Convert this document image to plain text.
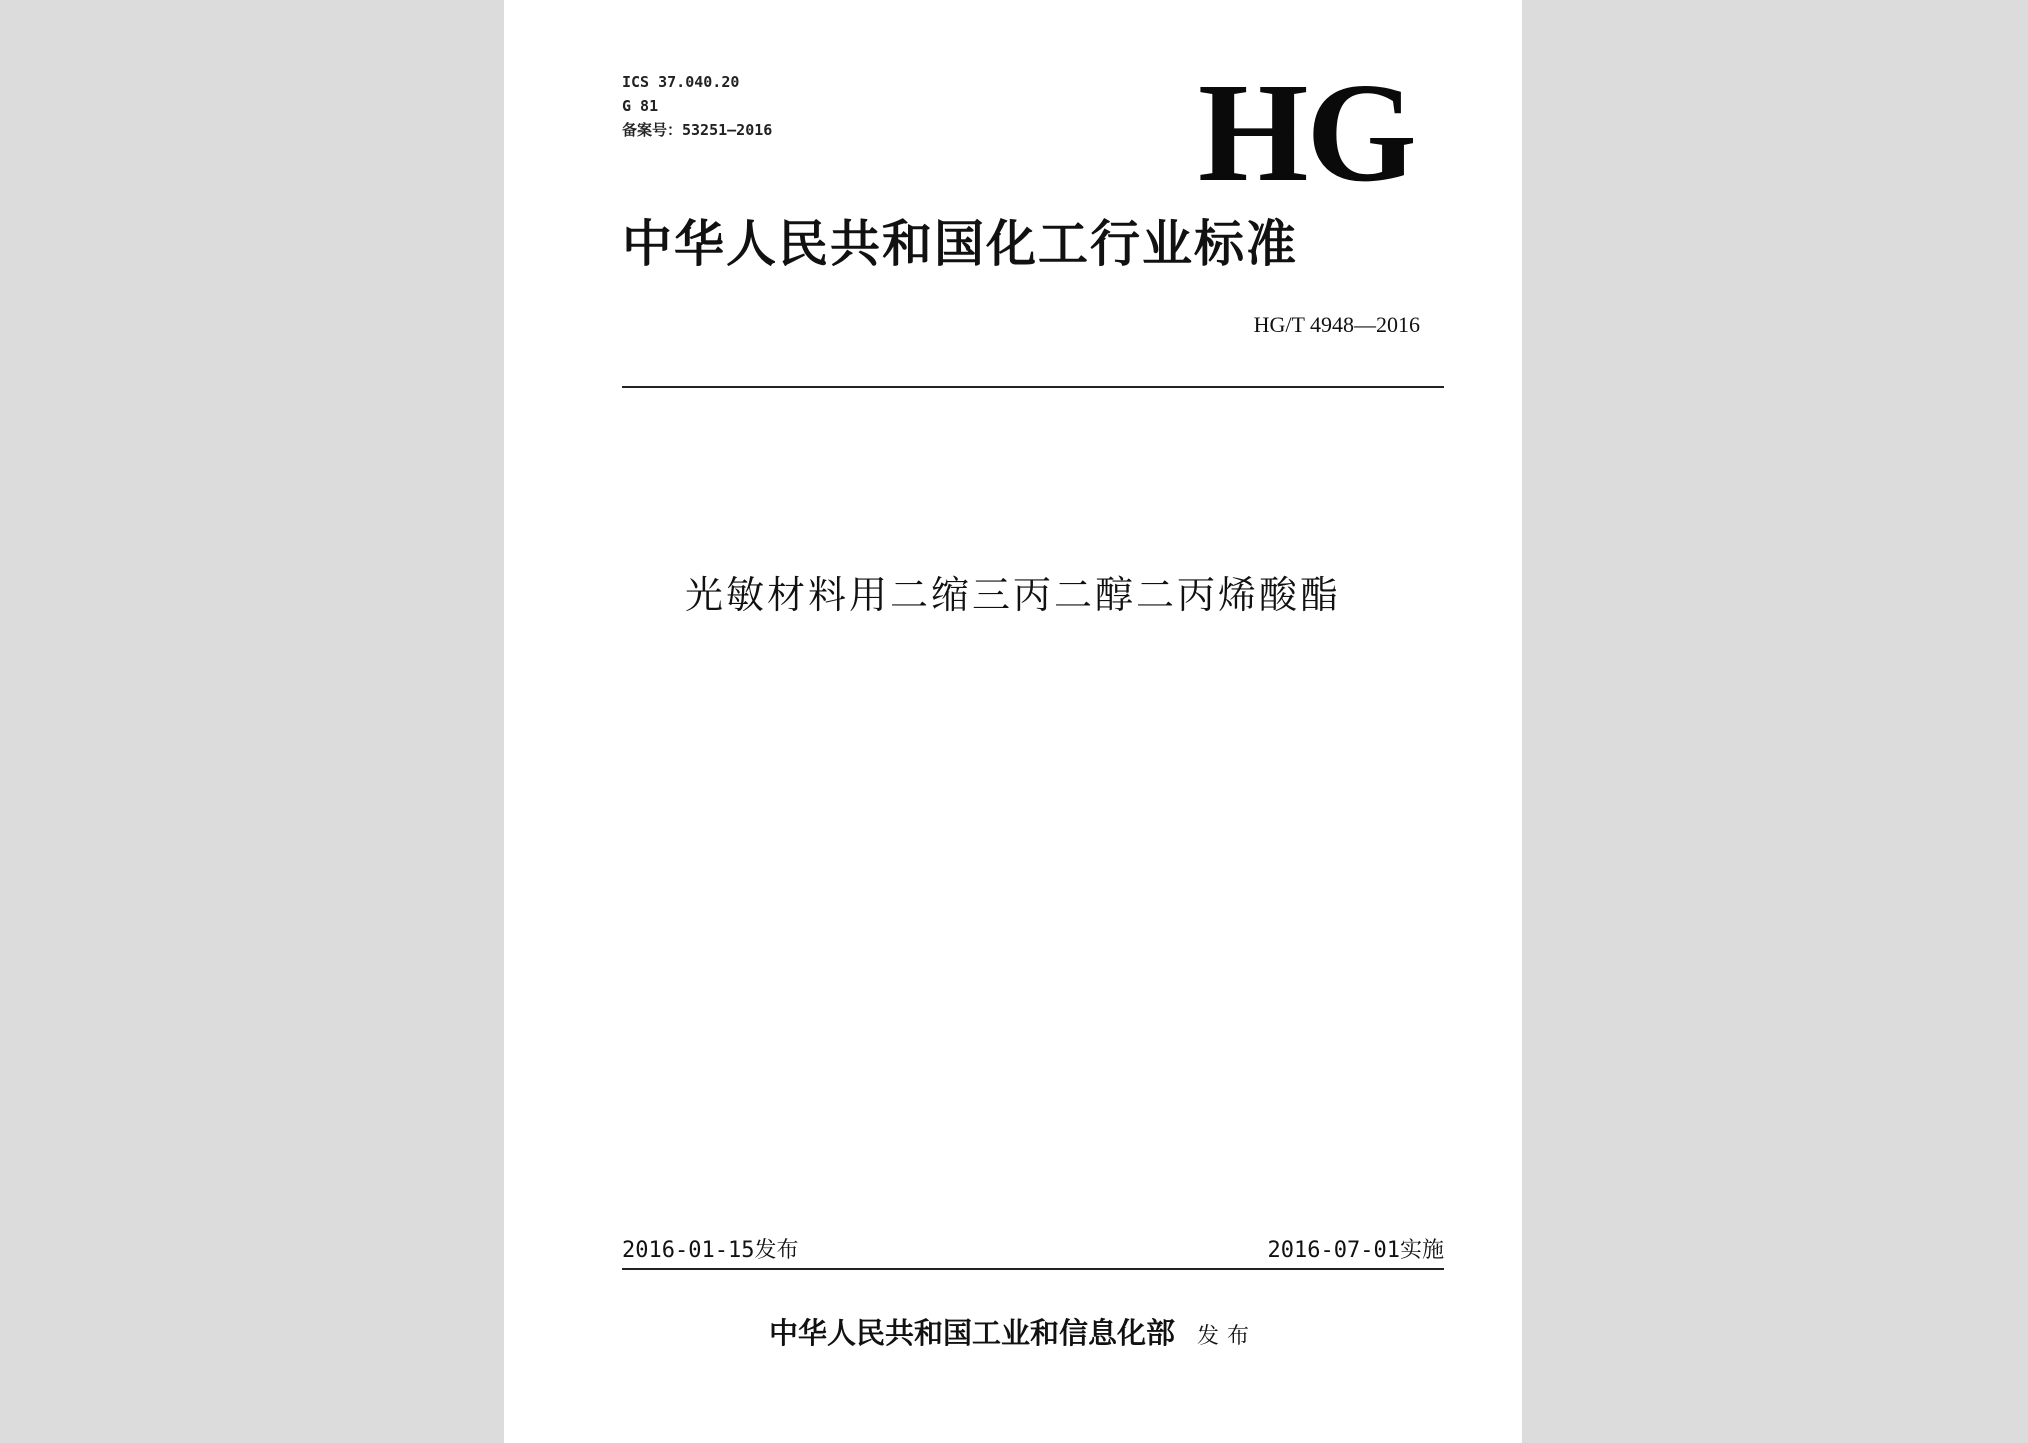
ICS 37.040.20
G 81
备案号：53251—2016	HG
中华人民共和国化工行业标准
HG/T 4948—2016
光敏材料用二缩三丙二醇二丙烯酸酯
2016-01-15发布	2016-07-01实施
中华人民共和国工业和信息化部 发布
